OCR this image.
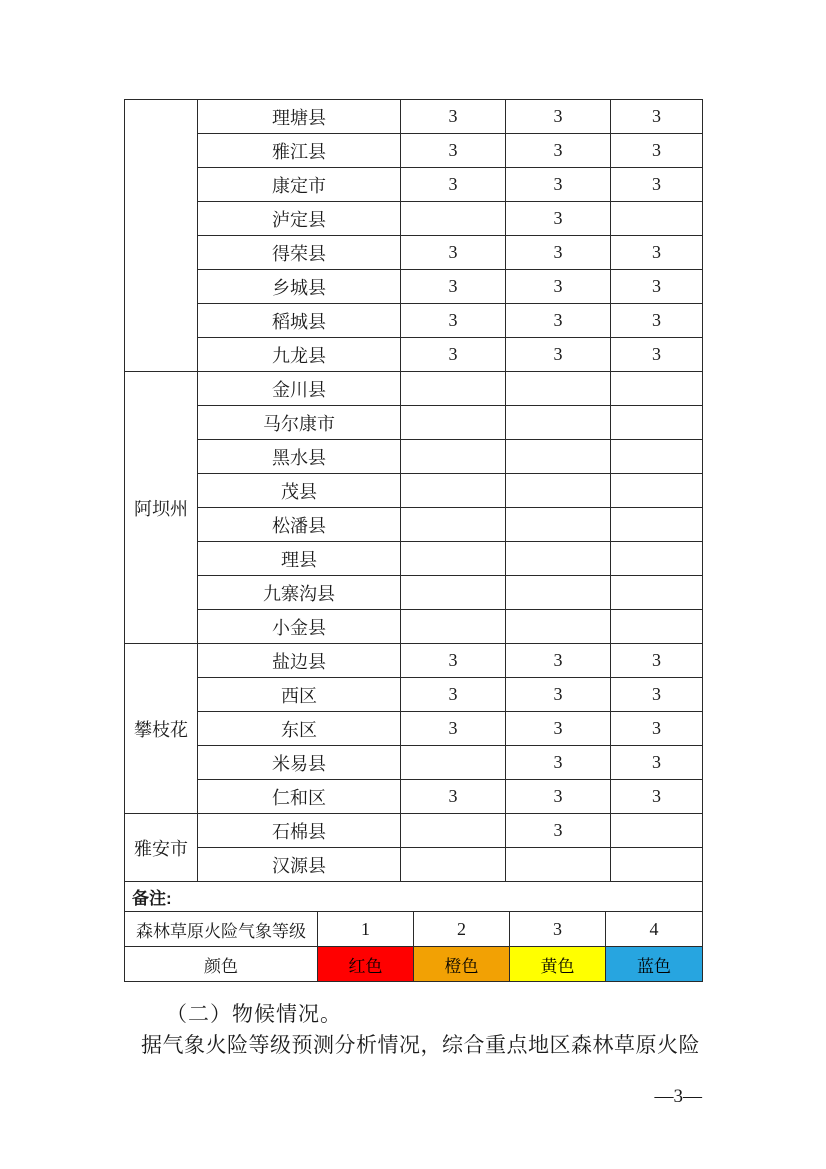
	理塘县	3	3	3
	雅江县	3	3	3
	康定市	3	3	3
	泸定县		3	
	得荣县	3	3	3
	乡城县	3	3	3
	稻城县	3	3	3
	九龙县	3	3	3
阿坝州	金川县			
	马尔康市			
	黑水县			
	茂县			
	松潘县			
	理县			
	九寨沟县			
	小金县			
攀枝花	盐边县	3	3	3
	西区	3	3	3
	东区	3	3	3
	米易县		3	3
	仁和区	3	3	3
雅安市	石棉县		3	
	汉源县			
备注:
森林草原火险气象等级	1	2	3	4
颜色	红色	橙色	黄色	蓝色
（二）物候情况。
据气象火险等级预测分析情况，综合重点地区森林草原火险
—3—
